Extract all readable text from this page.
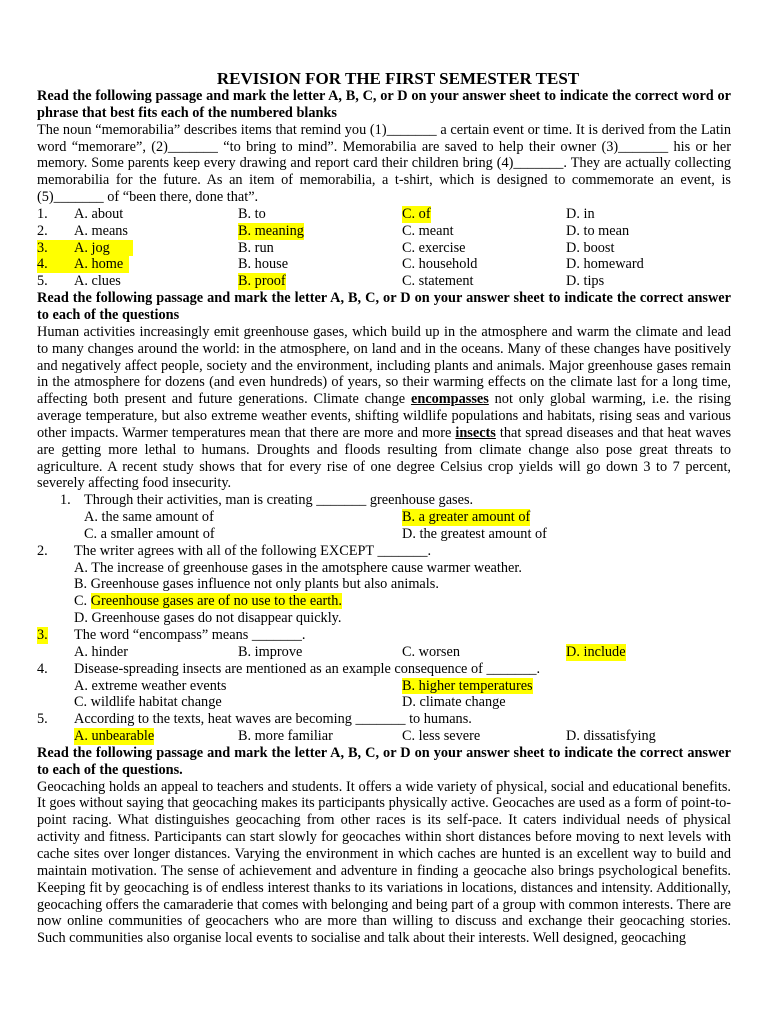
REVISION FOR THE FIRST SEMESTER TEST
Read the following passage and mark the letter A, B, C, or D on your answer sheet to indicate the correct word or phrase that best fits each of the numbered blanks
The noun “memorabilia” describes items that remind you (1)_______ a certain event or time. It is derived from the Latin word “memorare”, (2)_______ “to bring to mind”. Memorabilia are saved to help their owner (3)_______ his or her memory. Some parents keep every drawing and report card their children bring (4)_______. They are actually collecting memorabilia for the future. As an item of memorabilia, a t-shirt, which is designed to commemorate an event, is (5)_______ of “been there, done that”.
1. A. about	B. to	C. of	D. in
2. A. means	B. meaning	C. meant	D. to mean
3. A. jog	B. run	C. exercise	D. boost
4. A. home	B. house	C. household	D. homeward
5. A. clues	B. proof	C. statement	D. tips
Read the following passage and mark the letter A, B, C, or D on your answer sheet to indicate the correct answer to each of the questions
Human activities increasingly emit greenhouse gases, which build up in the atmosphere and warm the climate and lead to many changes around the world: in the atmosphere, on land and in the oceans. Many of these changes have positively and negatively affect people, society and the environment, including plants and animals. Major greenhouse gases remain in the atmosphere for dozens (and even hundreds) of years, so their warming effects on the climate last for a long time, affecting both present and future generations. Climate change encompasses not only global warming, i.e. the rising average temperature, but also extreme weather events, shifting wildlife populations and habitats, rising seas and various other impacts. Warmer temperatures mean that there are more and more insects that spread diseases and that heat waves are getting more lethal to humans. Droughts and floods resulting from climate change also pose great threats to agriculture. A recent study shows that for every rise of one degree Celsius crop yields will go down 3 to 7 percent, severely affecting food insecurity.
1. Through their activities, man is creating _______ greenhouse gases.
A. the same amount of	B. a greater amount of
C. a smaller amount of	D. the greatest amount of
2. The writer agrees with all of the following EXCEPT _______.
A. The increase of greenhouse gases in the amotsphere cause warmer weather.
B. Greenhouse gases influence not only plants but also animals.
C. Greenhouse gases are of no use to the earth.
D. Greenhouse gases do not disappear quickly.
3. The word “encompass” means _______.
A. hinder	B. improve	C. worsen	D. include
4. Disease-spreading insects are mentioned as an example consequence of _______.
A. extreme weather events	B. higher temperatures
C. wildlife habitat change	D. climate change
5. According to the texts, heat waves are becoming _______ to humans.
A. unbearable	B. more familiar	C. less severe	D. dissatisfying
Read the following passage and mark the letter A, B, C, or D on your answer sheet to indicate the correct answer to each of the questions.
Geocaching holds an appeal to teachers and students. It offers a wide variety of physical, social and educational benefits. It goes without saying that geocaching makes its participants physically active. Geocaches are used as a form of point-to-point racing. What distinguishes geocaching from other races is its self-pace. It caters individual needs of physical activity and fitness. Participants can start slowly for geocaches within short distances before moving to next levels with cache sites over longer distances. Varying the environment in which caches are hunted is an excellent way to build and maintain motivation. The sense of achievement and adventure in finding a geocache also brings psychological benefits. Keeping fit by geocaching is of endless interest thanks to its variations in locations, distances and intensity. Additionally, geocaching offers the camaraderie that comes with belonging and being part of a group with common interests. There are now online communities of geocachers who are more than willing to discuss and exchange their geocaching stories. Such communities also organise local events to socialise and talk about their interests. Well designed, geocaching
